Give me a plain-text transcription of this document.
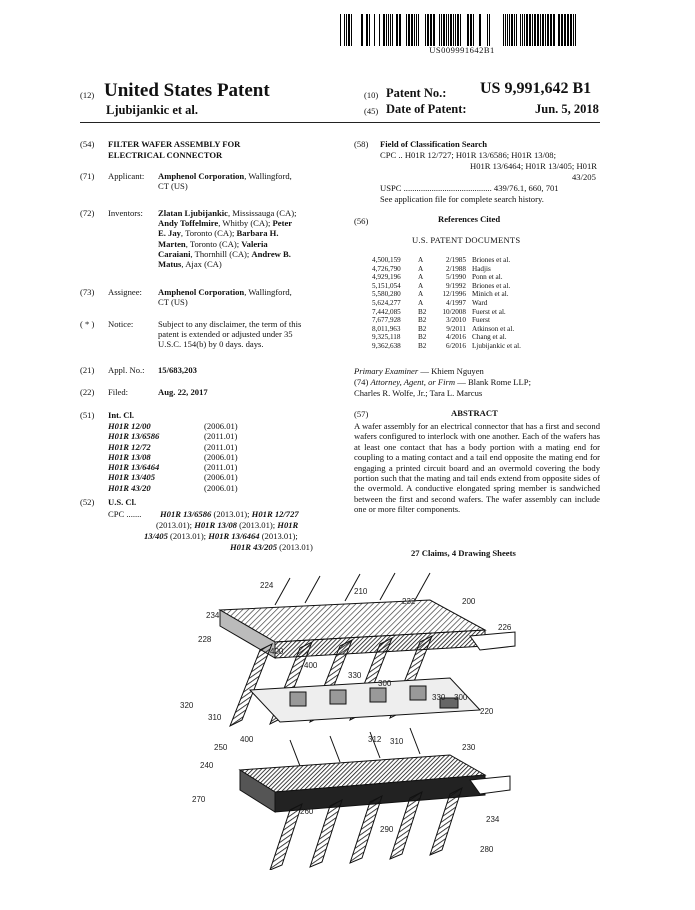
US009991642B1
(12) United States Patent
Ljubijankic et al.
(10) Patent No.: US 9,991,642 B1
(45) Date of Patent:	Jun. 5, 2018
(54) FILTER WAFER ASSEMBLY FOR
ELECTRICAL CONNECTOR
(71) Applicant: Amphenol Corporation, Wallingford,
CT (US)
(72) Inventors: Zlatan Ljubijankic, Mississauga (CA);
Andy Toffelmire, Whitby (CA); Peter
E. Jay, Toronto (CA); Barbara H.
Marten, Toronto (CA); Valeria
Caraiani, Thornhill (CA); Andrew B.
Matus, Ajax (CA)
(73) Assignee: Amphenol Corporation, Wallingford,
CT (US)
( * ) Notice:	Subject to any disclaimer, the term of this
patent is extended or adjusted under 35
U.S.C. 154(b) by 0 days. days.
(21) Appl. No.: 15/683,203
(22) Filed:	Aug. 22, 2017
(51) Int. Cl.
H01R 12/00	(2006.01)
H01R 13/6586	(2011.01)
H01R 12/72	(2011.01)
H01R 13/08	(2006.01)
H01R 13/6464	(2011.01)
H01R 13/405	(2006.01)
H01R 43/20	(2006.01)
(52) U.S. Cl.
CPC ....... H01R 13/6586 (2013.01); H01R 12/727
(2013.01); H01R 13/08 (2013.01); H01R
13/405 (2013.01); H01R 13/6464 (2013.01);
H01R 43/205 (2013.01)
(58) Field of Classification Search
CPC .. H01R 12/727; H01R 13/6586; H01R 13/08;
H01R 13/6464; H01R 13/405; H01R
43/205
USPC ......................................... 439/76.1, 660, 701
See application file for complete search history.
(56)	References Cited
U.S. PATENT DOCUMENTS
4,500,159	A	2/1985 Briones et al.
4,726,790	A	2/1988 Hadjis
4,929,196	A	5/1990 Ponn et al.
5,151,054	A	9/1992 Briones et al.
5,580,280	A	12/1996 Minich et al.
5,624,277	A	4/1997 Ward
7,442,085	B2	10/2008 Fuerst et al.
7,677,928	B2	3/2010 Fuerst
8,011,963	B2	9/2011 Atkinson et al.
9,325,118	B2	4/2016 Chang et al.
9,362,638	B2	6/2016 Ljubijankic et al.
Primary Examiner — Khiem Nguyen
(74) Attorney, Agent, or Firm — Blank Rome LLP;
Charles R. Wolfe, Jr.; Tara L. Marcus
(57)	ABSTRACT
A wafer assembly for an electrical connector that has a first and second wafers configured to interlock with one another. Each of the wafers has at least one contact that has a body portion with a mating end for coupling to a mating contact and a tail end opposite the mating end for engaging a printed circuit board and an overmold covering the body portion such that the mating and tail ends extend from opposite sides of the overmold. A conductive elongated spring member is sandwiched between the first and second wafers. The wafer assembly can include one or more filter components.
27 Claims, 4 Drawing Sheets
224
210
232	200
234
226
228
400
400
330
300
320
330
220
300
310
400	312 310
230
250
240
270
260
234
290
280
